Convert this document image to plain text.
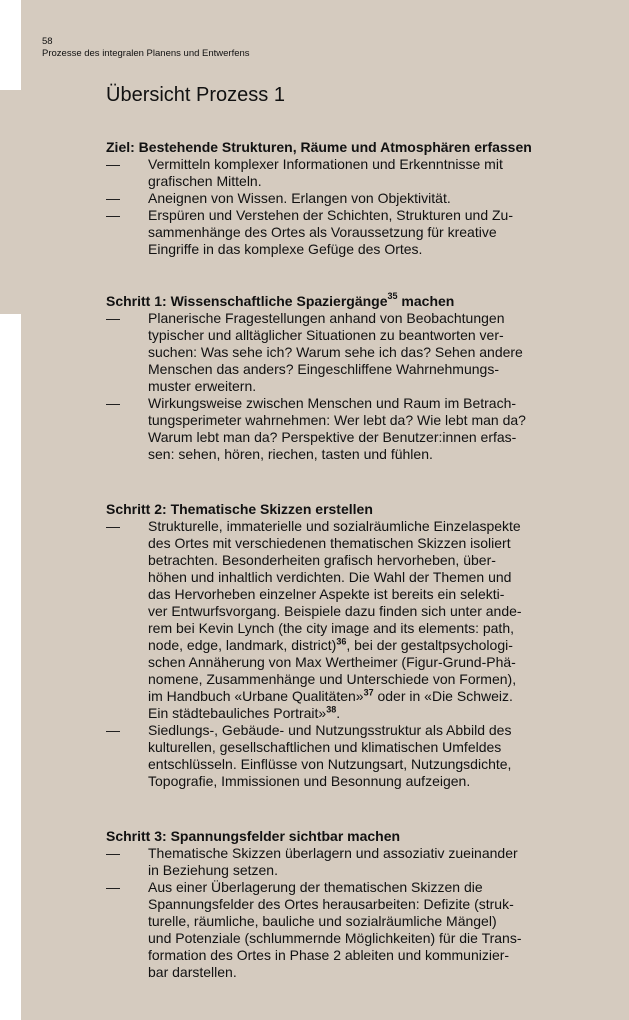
58
Prozesse des integralen Planens und Entwerfens
Übersicht Prozess 1
Ziel: Bestehende Strukturen, Räume und Atmosphären erfassen
—	Vermitteln komplexer Informationen und Erkenntnisse mit
grafischen Mitteln.
—	Aneignen von Wissen. Erlangen von Objektivität.
—	Erspüren und Verstehen der Schichten, Strukturen und Zu-
sammenhänge des Ortes als Voraussetzung für kreative
Eingriffe in das komplexe Gefüge des Ortes.
Schritt 1: Wissenschaftliche Spaziergänge$^{35}$ machen
—	Planerische Fragestellungen anhand von Beobachtungen
typischer und alltäglicher Situationen zu beantworten ver-
suchen: Was sehe ich? Warum sehe ich das? Sehen andere
Menschen das anders? Eingeschliffene Wahrnehmungs-
muster erweitern.
—	Wirkungsweise zwischen Menschen und Raum im Betrach-
tungsperimeter wahrnehmen: Wer lebt da? Wie lebt man da?
Warum lebt man da? Perspektive der Benutzer:innen erfas-
sen: sehen, hören, riechen, tasten und fühlen.
Schritt 2: Thematische Skizzen erstellen
—	Strukturelle, immaterielle und sozialräumliche Einzelaspekte
des Ortes mit verschiedenen thematischen Skizzen isoliert
betrachten. Besonderheiten grafisch hervorheben, über-
höhen und inhaltlich verdichten. Die Wahl der Themen und
das Hervorheben einzelner Aspekte ist bereits ein selekti-
ver Entwurfsvorgang. Beispiele dazu finden sich unter ande-
rem bei Kevin Lynch (the city image and its elements: path,
node, edge, landmark, district)$^{36}$, bei der gestaltpsychologi-
schen Annäherung von Max Wertheimer (Figur-Grund-Phä-
nomene, Zusammenhänge und Unterschiede von Formen),
im Handbuch «Urbane Qualitäten»$^{37}$ oder in «Die Schweiz.
Ein städtebauliches Portrait»$^{38}$.
—	Siedlungs-, Gebäude- und Nutzungsstruktur als Abbild des
kulturellen, gesellschaftlichen und klimatischen Umfeldes
entschlüsseln. Einflüsse von Nutzungsart, Nutzungsdichte,
Topografie, Immissionen und Besonnung aufzeigen.
Schritt 3: Spannungsfelder sichtbar machen
—	Thematische Skizzen überlagern und assoziativ zueinander
in Beziehung setzen.
—	Aus einer Überlagerung der thematischen Skizzen die
Spannungsfelder des Ortes herausarbeiten: Defizite (struk-
turelle, räumliche, bauliche und sozialräumliche Mängel)
und Potenziale (schlummernde Möglichkeiten) für die Trans-
formation des Ortes in Phase 2 ableiten und kommunizier-
bar darstellen.
